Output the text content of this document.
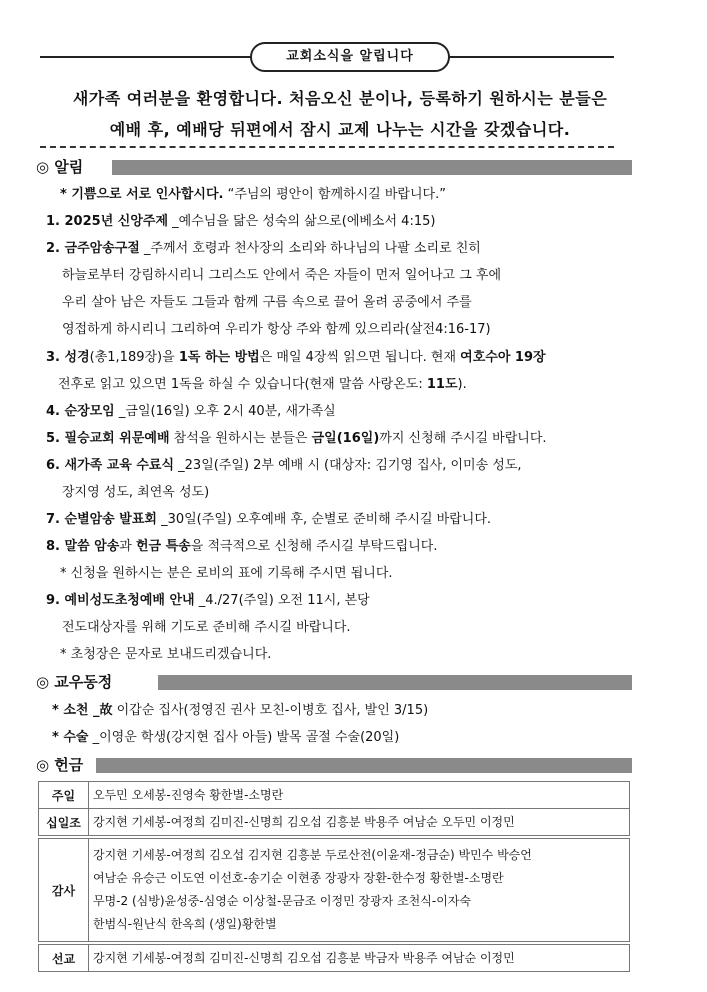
교회소식을 알립니다
새가족 여러분을 환영합니다. 처음오신 분이나, 등록하기 원하시는 분들은
예배 후, 예배당 뒤편에서 잠시 교제 나누는 시간을 갖겠습니다.
◎ 알림
* 기쁨으로 서로 인사합시다. “주님의 평안이 함께하시길 바랍니다.”
1. 2025년 신앙주제 _예수님을 닮은 성숙의 삶으로(에베소서 4:15)
2. 금주암송구절 _주께서 호령과 천사장의 소리와 하나님의 나팔 소리로 친히
하늘로부터 강림하시리니 그리스도 안에서 죽은 자들이 먼저 일어나고 그 후에
우리 살아 남은 자들도 그들과 함께 구름 속으로 끌어 올려 공중에서 주를
영접하게 하시리니 그리하여 우리가 항상 주와 함께 있으리라(살전4:16-17)
3. 성경(총1,189장)을 1독 하는 방법은 매일 4장씩 읽으면 됩니다. 현재 여호수아 19장
전후로 읽고 있으면 1독을 하실 수 있습니다(현재 말씀 사랑온도: 11도).
4. 순장모임 _금일(16일) 오후 2시 40분, 새가족실
5. 필승교회 위문예배 참석을 원하시는 분들은 금일(16일)까지 신청해 주시길 바랍니다.
6. 새가족 교육 수료식 _23일(주일) 2부 예배 시 (대상자: 김기영 집사, 이미송 성도,
장지영 성도, 최연옥 성도)
7. 순별암송 발표회 _30일(주일) 오후예배 후, 순별로 준비해 주시길 바랍니다.
8. 말씀 암송과 헌금 특송을 적극적으로 신청해 주시길 부탁드립니다.
* 신청을 원하시는 분은 로비의 표에 기록해 주시면 됩니다.
9. 예비성도초청예배 안내 _4./27(주일) 오전 11시, 본당
전도대상자를 위해 기도로 준비해 주시길 바랍니다.
* 초청장은 문자로 보내드리겠습니다.
◎ 교우동정
* 소천 _故 이갑순 집사(정영진 권사 모친-이병호 집사, 발인 3/15)
* 수술 _이영운 학생(강지현 집사 아들) 발목 골절 수술(20일)
◎ 헌금
주일	오두민 오세봉-진영숙 황한별-소명란
십일조	강지현 기세봉-여정희 김미진-신명희 김오섭 김흥분 박용주 여남순 오두민 이정민

감사	강지현 기세봉-여정희 김오섭 김지현 김흥분 두로산전(이윤재-정금순) 박민수 박승언
여남순 유승근 이도연 이선호-송기순 이현종 장광자 장환-한수정 황한별-소명란
무명-2 (심방)윤성중-심영순 이상철-문금조 이정민 장광자 조천식-이자숙
한범식-원난식 한옥희 (생일)황한별

선교	강지현 기세봉-여정희 김미진-신명희 김오섭 김흥분 박금자 박용주 여남순 이정민
